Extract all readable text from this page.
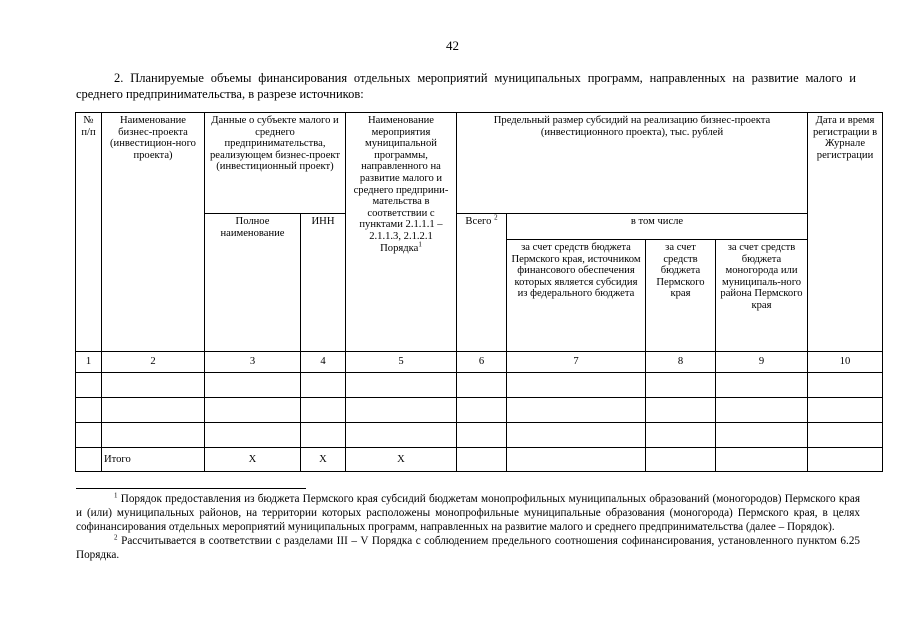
42
2. Планируемые объемы финансирования отдельных мероприятий муниципальных программ, направленных на развитие малого и среднего предпринимательства, в разрезе источников:
№ п/п	Наименование бизнес-проекта (инвестицион-ного проекта)	Данные о субъекте малого и среднего предпринимательства, реализующем бизнес-проект (инвестиционный проект)		Наименование мероприятия муниципальной программы, направленного на развитие малого и среднего предприни-мательства в соответствии с пунктами 2.1.1.1 – 2.1.1.3, 2.1.2.1 Порядка$^1$	Предельный размер субсидий на реализацию бизнес-проекта (инвестиционного проекта), тыс. рублей				Дата и время регистрации в Журнале регистрации
		Полное наименование	ИНН		Всего $^2$	в том числе			
						за счет средств бюджета Пермского края, источником финансового обеспечения которых является субсидия из федерального бюджета	за счет средств бюджета Пермского края	за счет средств бюджета моногорода или муниципаль-ного района Пермского края	
1	2	3	4	5	6	7	8	9	10

	Итого	X	X	X					

$^1$ Порядок предоставления из бюджета Пермского края субсидий бюджетам монопрофильных муниципальных образований (моногородов) Пермского края и (или) муниципальных районов, на территории которых расположены монопрофильные муниципальные образования (моногорода) Пермского края, в целях софинансирования отдельных мероприятий муниципальных программ, направленных на развитие малого и среднего предпринимательства (далее – Порядок).

$^2$ Рассчитывается в соответствии с разделами III – V Порядка с соблюдением предельного соотношения софинансирования, установленного пунктом 6.25 Порядка.
